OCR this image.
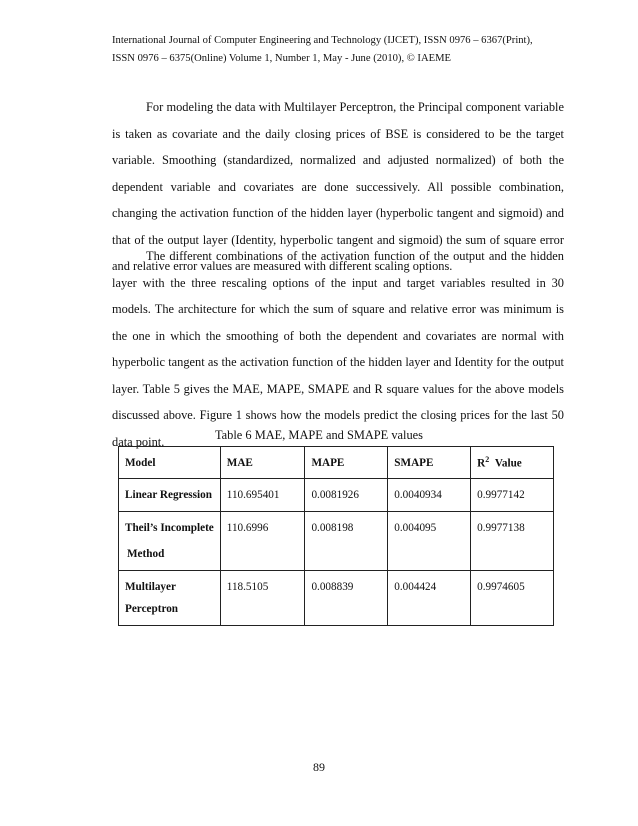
International Journal of Computer Engineering and Technology (IJCET), ISSN 0976 – 6367(Print),
ISSN 0976 – 6375(Online) Volume 1, Number 1, May - June (2010), © IAEME
For modeling the data with Multilayer Perceptron, the Principal component variable is taken as covariate and the daily closing prices of BSE is considered to be the target variable. Smoothing (standardized, normalized and adjusted normalized) of both the dependent variable and covariates are done successively. All possible combination, changing the activation function of the hidden layer (hyperbolic tangent and sigmoid) and that of the output layer (Identity, hyperbolic tangent and sigmoid) the sum of square error and relative error values are measured with different scaling options.
The different combinations of the activation function of the output and the hidden layer with the three rescaling options of the input and target variables resulted in 30 models. The architecture for which the sum of square and relative error was minimum is the one in which the smoothing of both the dependent and covariates are normal with hyperbolic tangent as the activation function of the hidden layer and Identity for the output layer. Table 5 gives the MAE, MAPE, SMAPE and R square values for the above models discussed above. Figure 1 shows how the models predict the closing prices for the last 50 data point.	Table 6 MAE, MAPE and SMAPE values
Model	MAE	MAPE	SMAPE	$R^2$ Value
Linear Regression	110.695401	0.0081926	0.0040934	0.9977142
Theil’s Incomplete
Method	110.6996	0.008198	0.004095	0.9977138
Multilayer
Perceptron	118.5105	0.008839	0.004424	0.9974605
89
